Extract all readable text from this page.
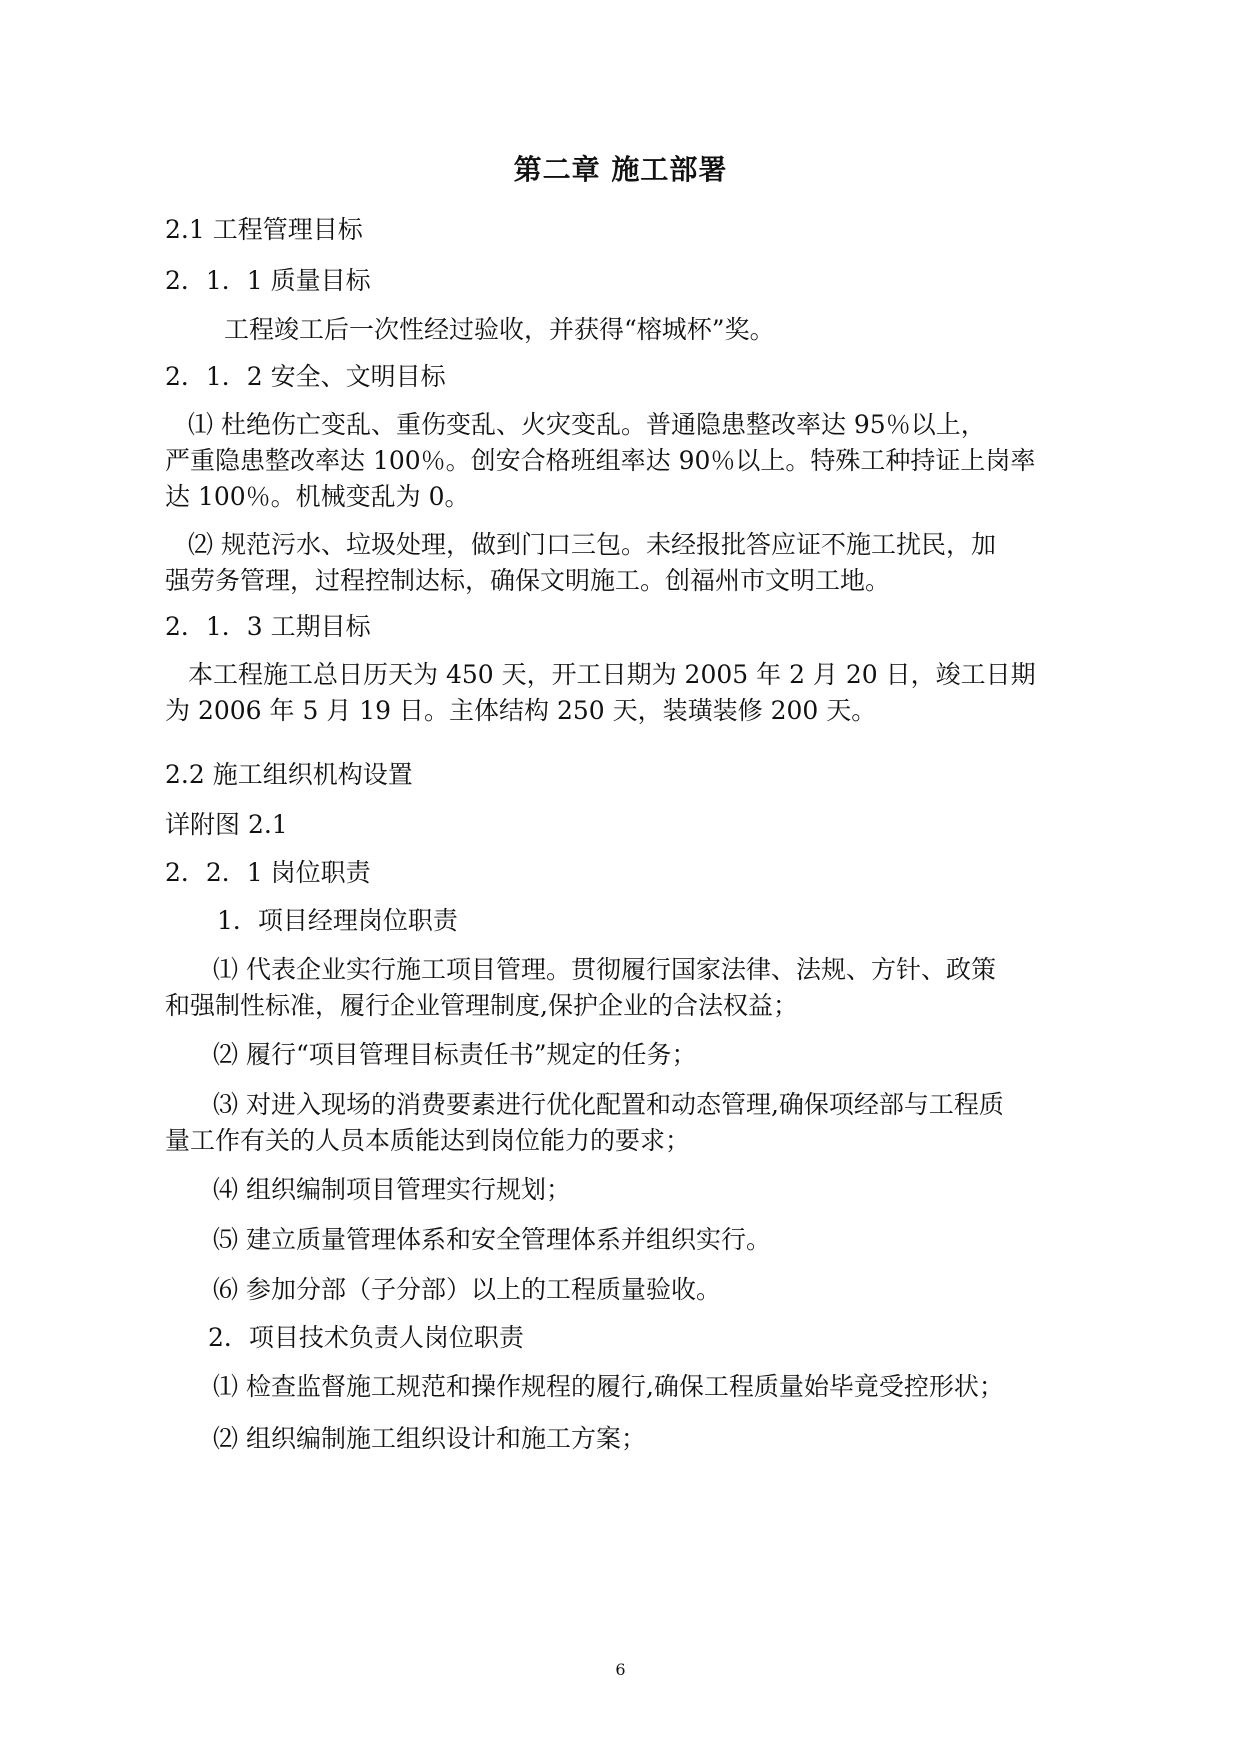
第二章 施工部署
2.1 工程管理目标
2．1．1 质量目标
工程竣工后一次性经过验收，并获得“榕城杯”奖。
2．1．2 安全、文明目标
⑴ 杜绝伤亡变乱、重伤变乱、火灾变乱。普通隐患整改率达 95％以上，
严重隐患整改率达 100％。创安合格班组率达 90％以上。特殊工种持证上岗率
达 100％。机械变乱为 0。
⑵ 规范污水、垃圾处理，做到门口三包。未经报批答应证不施工扰民，加
强劳务管理，过程控制达标，确保文明施工。创福州市文明工地。
2．1．3 工期目标
本工程施工总日历天为 450 天，开工日期为 2005 年 2 月 20 日，竣工日期
为 2006 年 5 月 19 日。主体结构 250 天，装璜装修 200 天。
2.2 施工组织机构设置
详附图 2.1
2．2．1 岗位职责
1．项目经理岗位职责
⑴ 代表企业实行施工项目管理。贯彻履行国家法律、法规、方针、政策
和强制性标准，履行企业管理制度,保护企业的合法权益；
⑵ 履行“项目管理目标责任书”规定的任务；
⑶ 对进入现场的消费要素进行优化配置和动态管理,确保项经部与工程质
量工作有关的人员本质能达到岗位能力的要求；
⑷ 组织编制项目管理实行规划；
⑸ 建立质量管理体系和安全管理体系并组织实行。
⑹ 参加分部（子分部）以上的工程质量验收。
2．项目技术负责人岗位职责
⑴ 检查监督施工规范和操作规程的履行,确保工程质量始毕竟受控形状；
⑵ 组织编制施工组织设计和施工方案；
6
